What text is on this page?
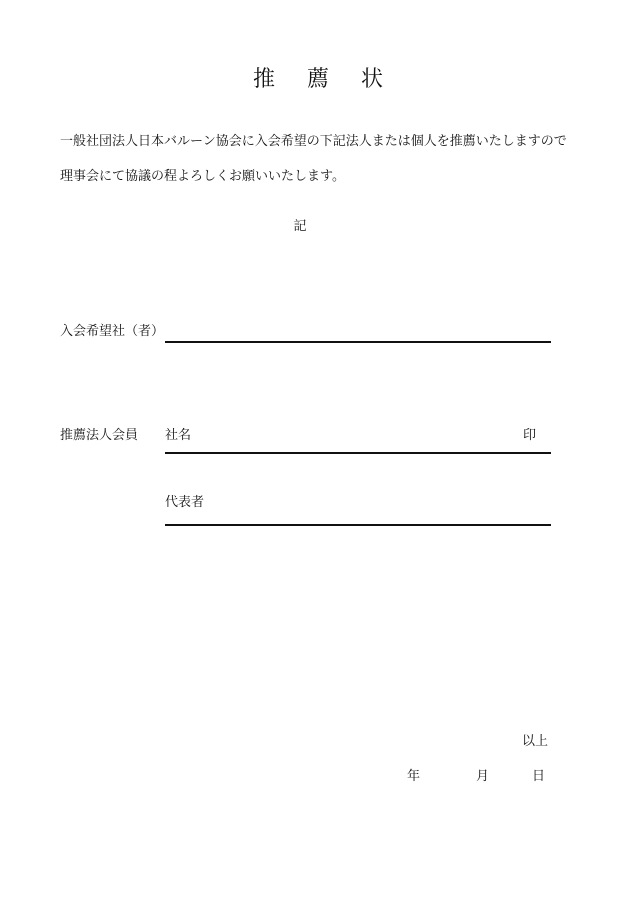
推 薦 状
一般社団法人日本バルーン協会に入会希望の下記法人または個人を推薦いたしますので
理事会にて協議の程よろしくお願いいたします。
記
入会希望社（者）
推薦法人会員 社名	印
代表者
以上
年	月	日
